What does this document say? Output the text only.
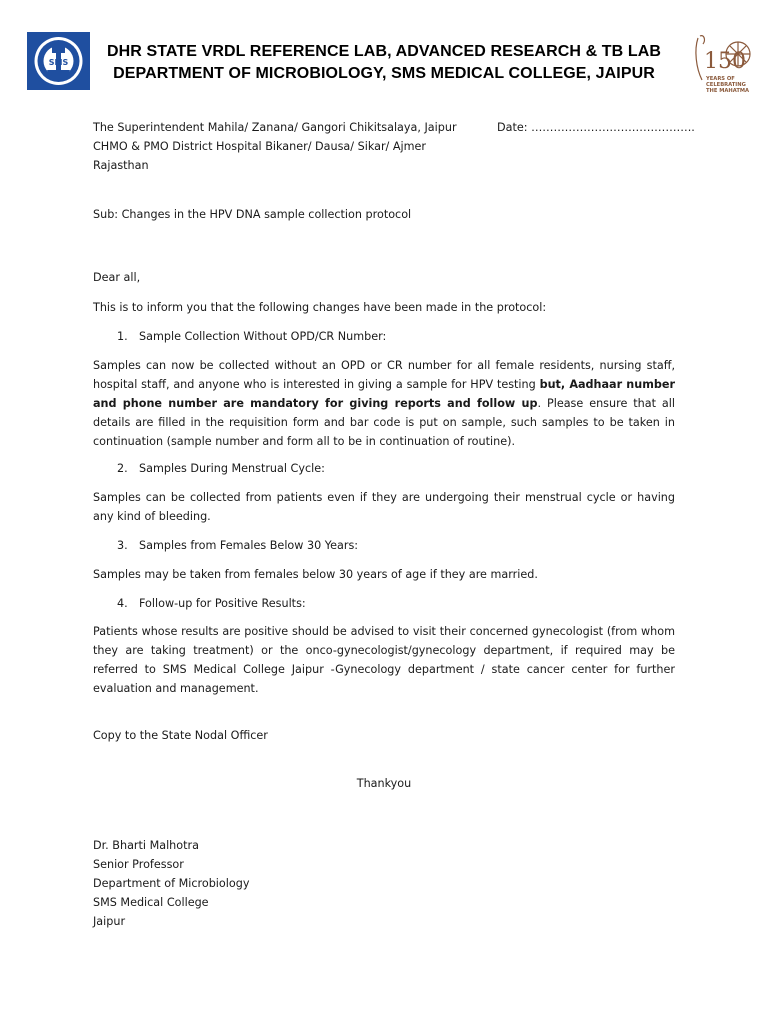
SMS
DHR STATE VRDL REFERENCE LAB, ADVANCED RESEARCH & TB LAB
DEPARTMENT OF MICROBIOLOGY, SMS MEDICAL COLLEGE, JAIPUR	150
YEARS OF
CELEBRATING
THE MAHATMA
The Superintendent Mahila/ Zanana/ Gangori Chikitsalaya, Jaipur
CHMO & PMO District Hospital Bikaner/ Dausa/ Sikar/ Ajmer
Rajasthan
Date: ……………………………………..
Sub: Changes in the HPV DNA sample collection protocol
Dear all,
This is to inform you that the following changes have been made in the protocol:
1. Sample Collection Without OPD/CR Number:
Samples can now be collected without an OPD or CR number for all female residents, nursing staff, hospital staff, and anyone who is interested in giving a sample for HPV testing but, Aadhaar number and phone number are mandatory for giving reports and follow up. Please ensure that all details are filled in the requisition form and bar code is put on sample, such samples to be taken in continuation (sample number and form all to be in continuation of routine).
2. Samples During Menstrual Cycle:
Samples can be collected from patients even if they are undergoing their menstrual cycle or having any kind of bleeding.
3. Samples from Females Below 30 Years:
Samples may be taken from females below 30 years of age if they are married.
4. Follow-up for Positive Results:
Patients whose results are positive should be advised to visit their concerned gynecologist (from whom they are taking treatment) or the onco-gynecologist/gynecology department, if required may be referred to SMS Medical College Jaipur -Gynecology department / state cancer center for further evaluation and management.
Copy to the State Nodal Officer
Thankyou
Dr. Bharti Malhotra
Senior Professor
Department of Microbiology
SMS Medical College
Jaipur
